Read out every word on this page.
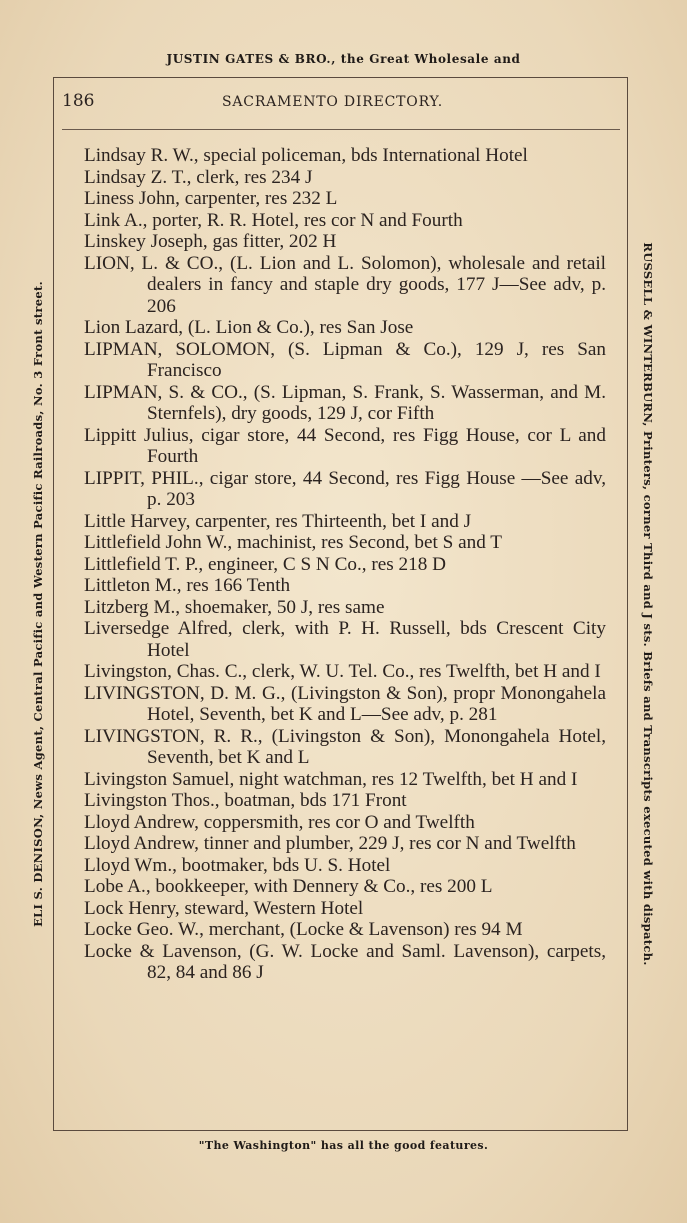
JUSTIN GATES & BRO., the Great Wholesale and
ELI S. DENISON, News Agent, Central Pacific and Western Pacific Railroads, No. 3 Front street.	RUSSELL & WINTERBURN, Printers, corner Third and J sts. Briefs and Transcripts executed with dispatch.
186	SACRAMENTO DIRECTORY.

Lindsay R. W., special policeman, bds International Hotel

Lindsay Z. T., clerk, res 234 J

Liness John, carpenter, res 232 L

Link A., porter, R. R. Hotel, res cor N and Fourth

Linskey Joseph, gas fitter, 202 H

LION, L. & CO., (L. Lion and L. Solomon), wholesale and retail dealers in fancy and staple dry goods, 177 J—See adv, p. 206

Lion Lazard, (L. Lion & Co.), res San Jose

LIPMAN, SOLOMON, (S. Lipman & Co.), 129 J, res San Francisco

LIPMAN, S. & CO., (S. Lipman, S. Frank, S. Wasserman, and M. Sternfels), dry goods, 129 J, cor Fifth

Lippitt Julius, cigar store, 44 Second, res Figg House, cor L and Fourth

LIPPIT, PHIL., cigar store, 44 Second, res Figg House —See adv, p. 203

Little Harvey, carpenter, res Thirteenth, bet I and J

Littlefield John W., machinist, res Second, bet S and T

Littlefield T. P., engineer, C S N Co., res 218 D

Littleton M., res 166 Tenth

Litzberg M., shoemaker, 50 J, res same

Liversedge Alfred, clerk, with P. H. Russell, bds Crescent City Hotel

Livingston, Chas. C., clerk, W. U. Tel. Co., res Twelfth, bet H and I

LIVINGSTON, D. M. G., (Livingston & Son), propr Monongahela Hotel, Seventh, bet K and L—See adv, p. 281

LIVINGSTON, R. R., (Livingston & Son), Monongahela Hotel, Seventh, bet K and L

Livingston Samuel, night watchman, res 12 Twelfth, bet H and I

Livingston Thos., boatman, bds 171 Front

Lloyd Andrew, coppersmith, res cor O and Twelfth

Lloyd Andrew, tinner and plumber, 229 J, res cor N and Twelfth

Lloyd Wm., bootmaker, bds U. S. Hotel

Lobe A., bookkeeper, with Dennery & Co., res 200 L

Lock Henry, steward, Western Hotel

Locke Geo. W., merchant, (Locke & Lavenson) res 94 M

Locke & Lavenson, (G. W. Locke and Saml. Lavenson), carpets, 82, 84 and 86 J

"The Washington" has all the good features.
